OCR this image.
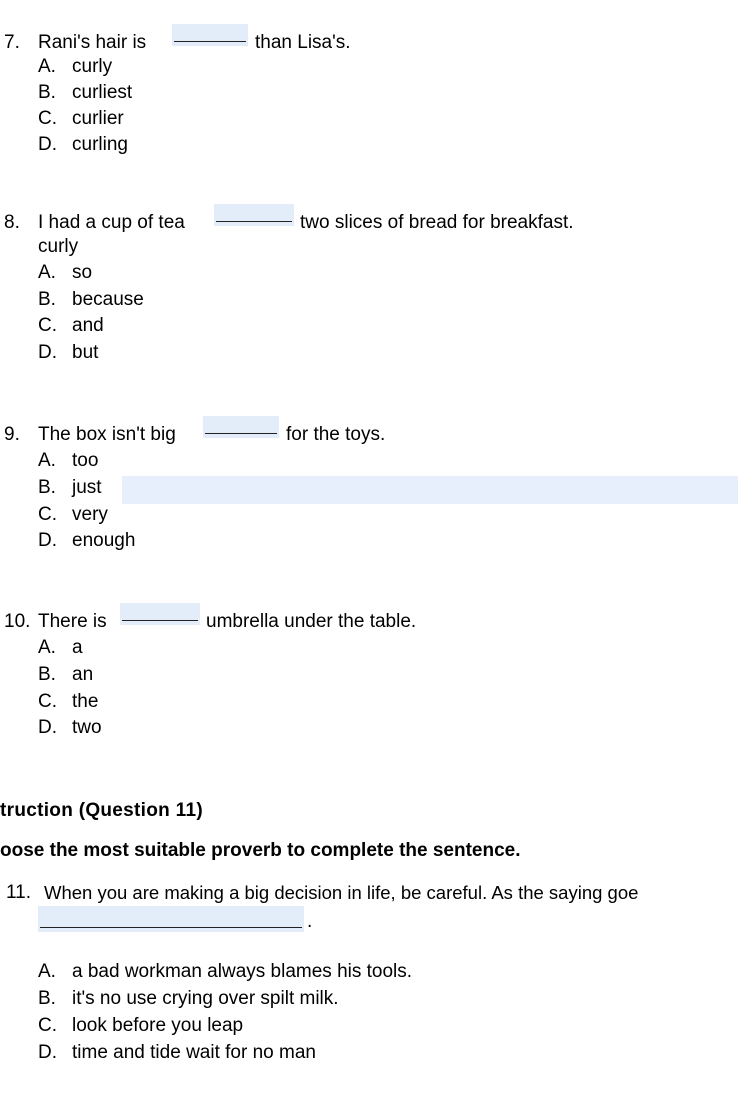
7. Rani's hair is	than Lisa's.
A. curly
B. curliest
C. curlier
D. curling
8. I had a cup of tea	two slices of bread for breakfast.
curly
A. so
B. because
C. and
D. but
9. The box isn't big	for the toys.
A. too
B. just
C. very
D. enough
10. There is	umbrella under the table.
A. a
B. an
C. the
D. two
truction (Question 11)
oose the most suitable proverb to complete the sentence.
11. When you are making a big decision in life, be careful. As the saying goe
.
A. a bad workman always blames his tools.
B. it's no use crying over spilt milk.
C. look before you leap
D. time and tide wait for no man
